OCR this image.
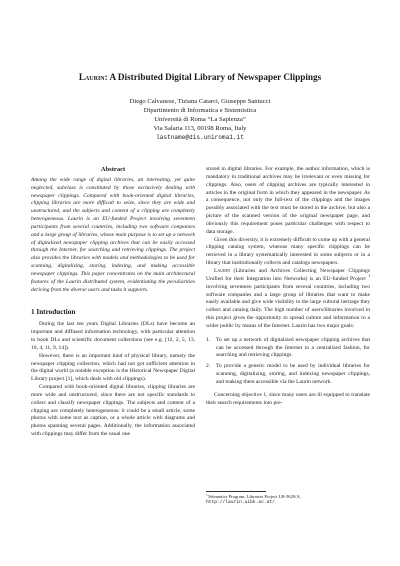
Laurin: A Distributed Digital Library of Newspaper Clippings
Diego Calvanese, Tiziana Catarci, Giuseppe Santucci
Dipartimento di Informatica e Sistemistica
Università di Roma “La Sapienza”
Via Salaria 113, 00198 Roma, Italy
lastname@dis.uniroma1.it
Abstract

Among the wide range of digital libraries, an interesting, yet quite neglected, subclass is constituted by those exclusively dealing with newspaper clippings. Compared with book-oriented digital libraries, clipping libraries are more difficult to seize, since they are wide and unstructured, and the subjects and content of a clipping are completely heterogeneous. Laurin is an EU-funded Project involving seventeen participants from several countries, including two software companies and a large group of libraries, whose main purpose is to set up a network of digitalized newspaper clipping archives that can be easily accessed through the Internet, for searching and retrieving clippings. The project also provides the libraries with models and methodologies to be used for scanning, digitalizing, storing, indexing, and making accessible newspaper clippings. This paper concentrates on the main architectural features of the Laurin distributed system, evidentiating the peculiarities deriving from the diverse users and tasks it supports.

1 Introduction

During the last ten years Digital Libraries (DLs) have become an important and diffused information technology, with particular attention to book DLs and scientific document collections (see e.g. [12, 2, 5, 13, 10, 4, 11, 9, 14]).

However, there is an important kind of physical library, namely the newspaper clipping collection, which had not got sufficient attention in the digital world (a notable exception is the Historical Newspaper Digital Library project [1], which deals with old clippings).

Compared with book-oriented digital libraries, clipping libraries are more wide and unstructured, since there are not specific standards to collect and classify newspaper clippings. The subjects and content of a clipping are completely heterogeneous: it could be a small article, some photos with some text as caption, or a whole article with diagrams and photos spanning several pages. Additionally, the information associated with clippings may differ from the usual one

stored in digital libraries. For example, the author information, which is mandatory in traditional archives may be irrelevant or even missing for clippings. Also, users of clipping archives are typically interested in articles in the original form in which they appeared in the newspaper. As a consequence, not only the full-text of the clippings and the images possibly associated with the text must be stored in the archive, but also a picture of the scanned version of the original newspaper page, and obviously this requirement poses particular challenges with respect to data storage.

Given this diversity, it is extremely difficult to come up with a general clipping catalog system, whereas many specific clippings can be retrieved in a library systematically interested in some subjects or in a library that institutionally collects and catalogs newspapers.

Laurin (Libraries and Archives Collecting Newspaper Clippings Unified for their Integration into Networks) is an EU-funded Project $^1$ involving seventeen participants from several countries, including two software companies and a large group of libraries that want to make easily available and give wide visibility to the large cultural heritage they collect and catalog daily. The high number of users/libraries involved in this project gives the opportunity to spread culture and information to a wider public by means of the Internet. Laurin has two major goals:

1. To set up a network of digitalized newspaper clipping archives that can be accessed through the Internet in a centralized fashion, for searching and retrieving clippings.
2. To provide a generic model to be used by individual libraries for scanning, digitalizing, storing, and indexing newspaper clippings, and making them accessible via the Laurin network.

Concerning objective 1, since many users are ill equipped to translate their search requirements into pre-

$^1$Telematics Program, Libraries Project LB-5629/A,
http://laurin.uibk.ac.at/
